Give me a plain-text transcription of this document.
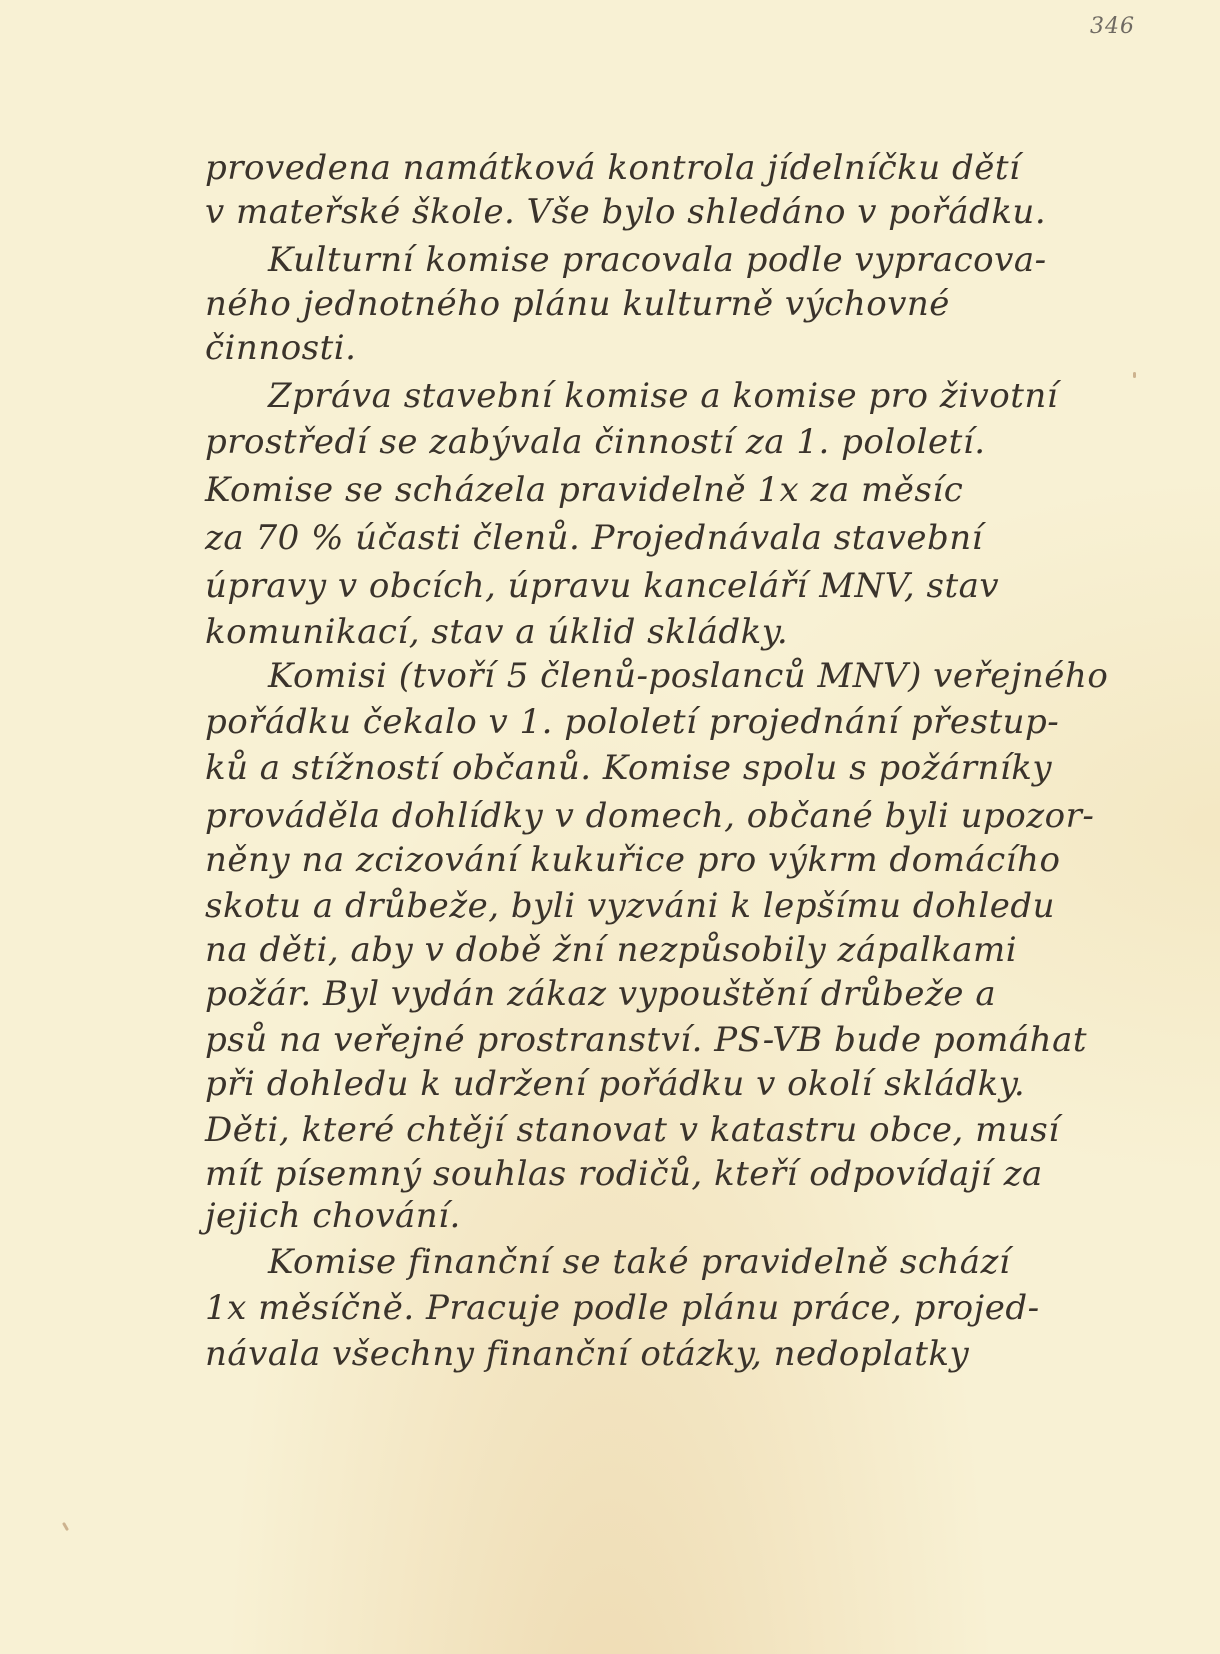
346
provedena namátková kontrola jídelníčku dětí
v mateřské škole. Vše bylo shledáno v pořádku.
Kulturní komise pracovala podle vypracova-
ného jednotného plánu kulturně výchovné
činnosti.
Zpráva stavební komise a komise pro životní
prostředí se zabývala činností za 1. pololetí.
Komise se scházela pravidelně 1x za měsíc
za 70 % účasti členů. Projednávala stavební
úpravy v obcích, úpravu kanceláří MNV, stav
komunikací, stav a úklid skládky.
Komisi (tvoří 5 členů-poslanců MNV) veřejného
pořádku čekalo v 1. pololetí projednání přestup-
ků a stížností občanů. Komise spolu s požárníky
prováděla dohlídky v domech, občané byli upozor-
něny na zcizování kukuřice pro výkrm domácího
skotu a drůbeže, byli vyzváni k lepšímu dohledu
na děti, aby v době žní nezpůsobily zápalkami
požár. Byl vydán zákaz vypouštění drůbeže a
psů na veřejné prostranství. PS-VB bude pomáhat
při dohledu k udržení pořádku v okolí skládky.
Děti, které chtějí stanovat v katastru obce, musí
mít písemný souhlas rodičů, kteří odpovídají za
jejich chování.
Komise finanční se také pravidelně schází
1x měsíčně. Pracuje podle plánu práce, projed-
návala všechny finanční otázky, nedoplatky
